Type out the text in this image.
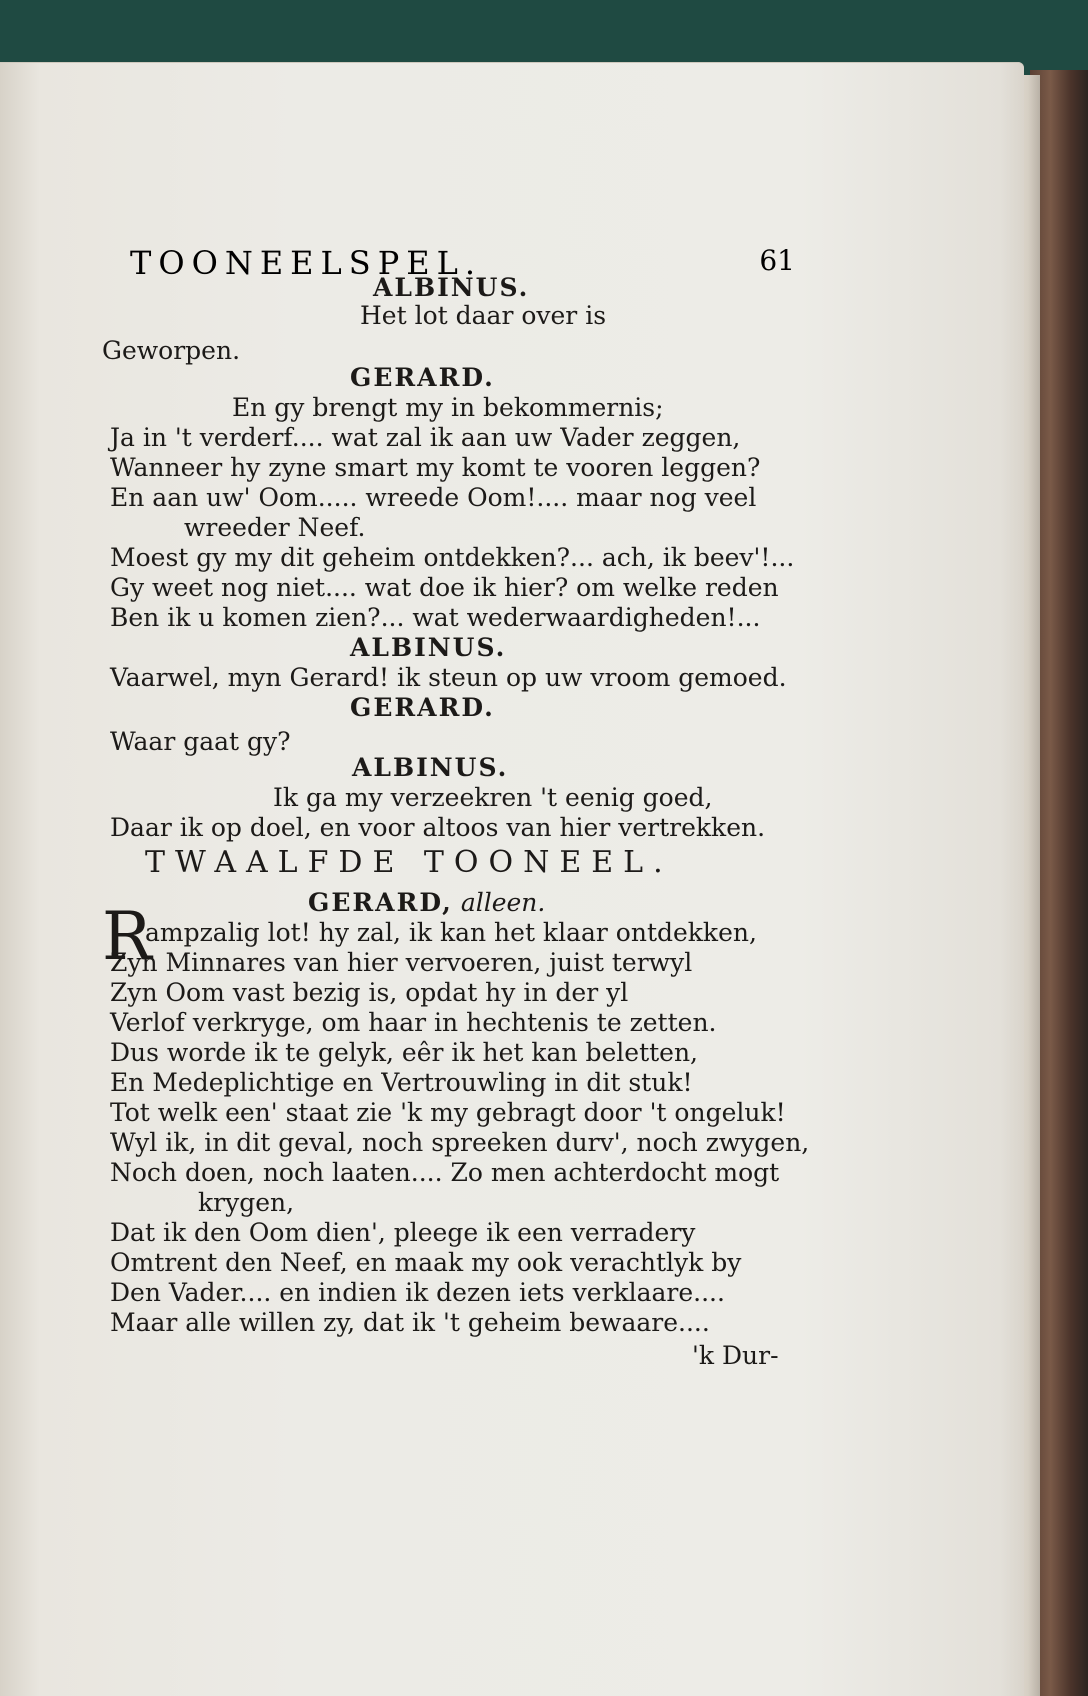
TOONEELSPEL.	61
ALBINUS.
Het lot daar over is
Geworpen.
GERARD.
En gy brengt my in bekommernis;
Ja in 't verderf.... wat zal ik aan uw Vader zeggen,
Wanneer hy zyne smart my komt te vooren leggen?
En aan uw' Oom..... wreede Oom!.... maar nog veel
wreeder Neef.
Moest gy my dit geheim ontdekken?... ach, ik beev'!...
Gy weet nog niet.... wat doe ik hier? om welke reden
Ben ik u komen zien?... wat wederwaardigheden!...
ALBINUS.
Vaarwel, myn Gerard! ik steun op uw vroom gemoed.
GERARD.
Waar gaat gy?
ALBINUS.
Ik ga my verzeekren 't eenig goed,
Daar ik op doel, en voor altoos van hier vertrekken.
TWAALFDE TOONEEL.
GERARD, alleen.
R
ampzalig lot! hy zal, ik kan het klaar ontdekken,
Zyn Minnares van hier vervoeren, juist terwyl
Zyn Oom vast bezig is, opdat hy in der yl
Verlof verkryge, om haar in hechtenis te zetten.
Dus worde ik te gelyk, eêr ik het kan beletten,
En Medeplichtige en Vertrouwling in dit stuk!
Tot welk een' staat zie 'k my gebragt door 't ongeluk!
Wyl ik, in dit geval, noch spreeken durv', noch zwygen,
Noch doen, noch laaten.... Zo men achterdocht mogt
krygen,
Dat ik den Oom dien', pleege ik een verradery
Omtrent den Neef, en maak my ook verachtlyk by
Den Vader.... en indien ik dezen iets verklaare....
Maar alle willen zy, dat ik 't geheim bewaare....
'k Dur-
